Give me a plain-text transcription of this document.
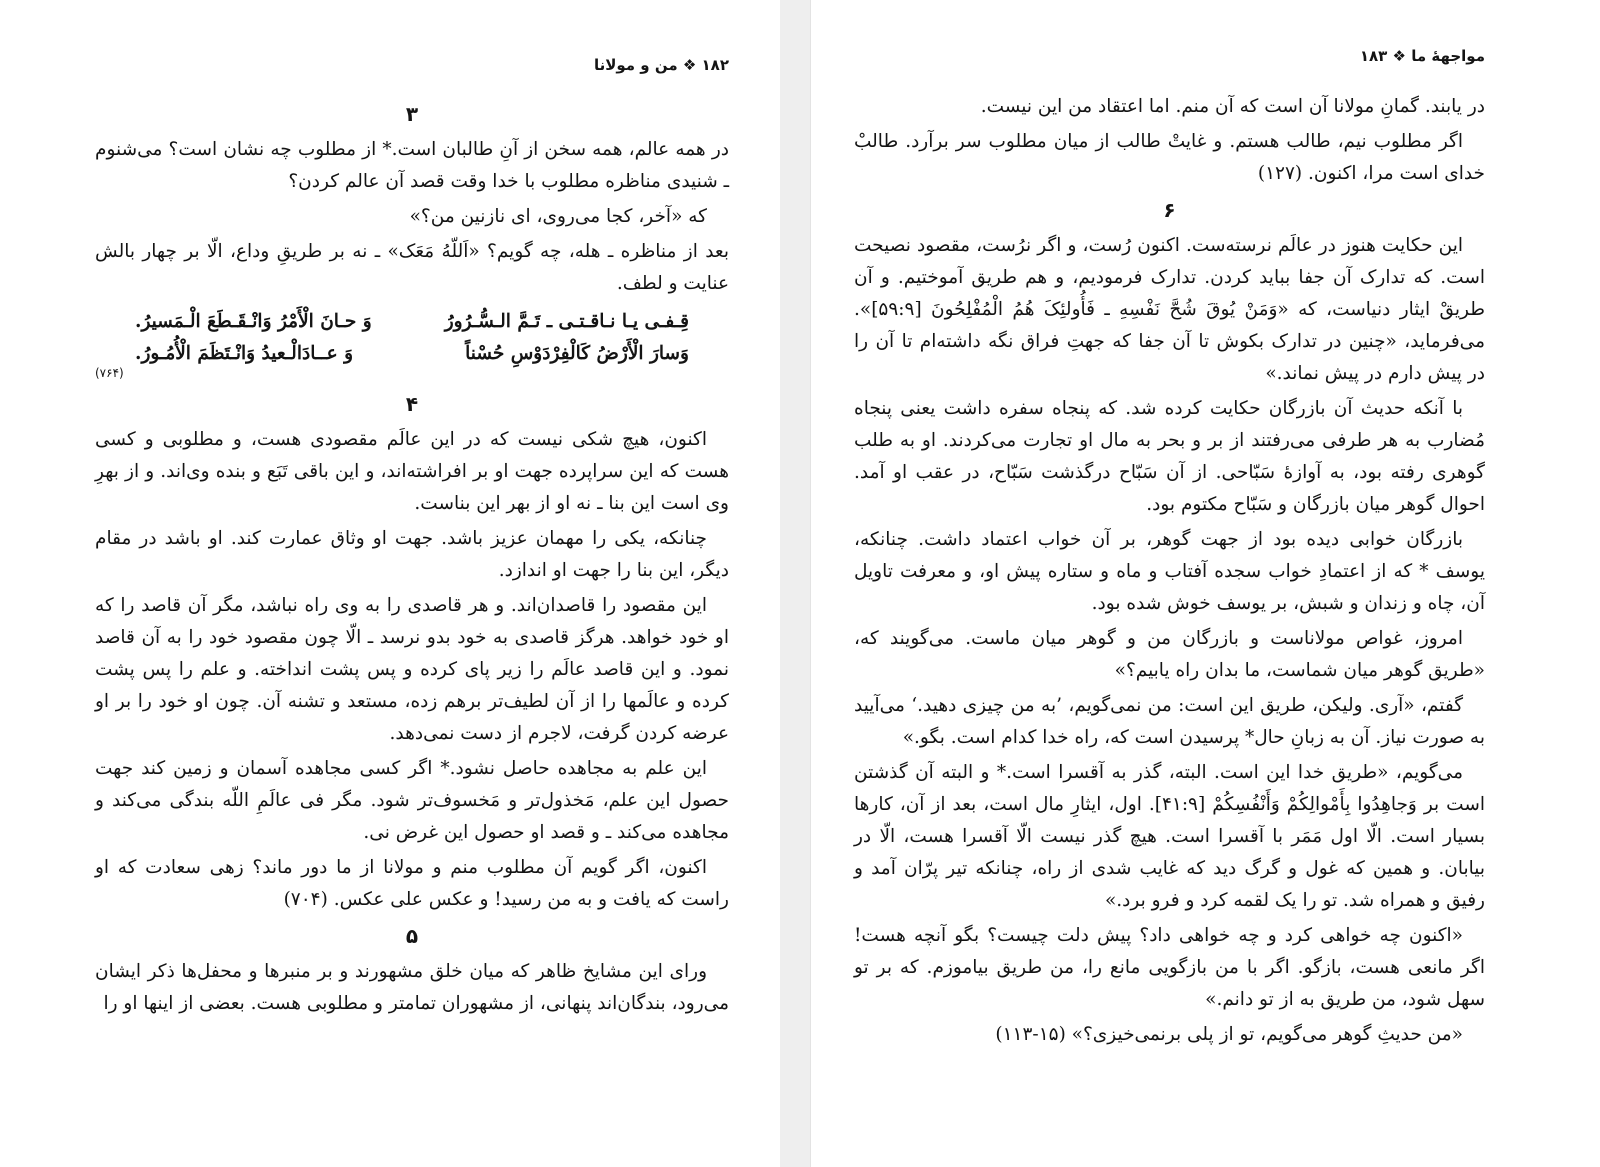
۱۸۲ ❖ من و مولانا
۳

در همه عالم، همه سخن از آنِ طالبان است.* از مطلوب چه نشان است؟ می‌شنوم ـ شنیدی مناظره مطلوب با خدا وقت قصد آن عالم کردن؟

که «آخر، کجا می‌روی، ای نازنین من؟»

بعد از مناظره ـ هله، چه گویم؟ «اَللّهُ مَعَک» ـ نه بر طریقِ وداع، الّا بر چهار بالش عنایت و لطف.

قِـفـی یـا نـاقـتـی ـ تَـمَّ الـسُّـرُورُ
وَ حـانَ الْأَمْرُ وَانْـقَـطَعَ الْـمَسیرُ.
وَسارَ الْأَرْضُ کَالْفِرْدَوْسِ حُسْناً
وَ عــادَالْـعیدُ وَانْـتَظَمَ الْأُمُـورُ.
(۷۶۴)
۴

اکنون، هیچ شکی نیست که در این عالَم مقصودی هست، و مطلوبی و کسی هست که این سراپرده جهت او بر افراشته‌اند، و این باقی تَبَع و بنده وی‌اند. و از بهرِ وی است این بنا ـ نه او از بهر این بناست.

چنانکه، یکی را مهمان عزیز باشد. جهت او وثاق عمارت کند. او باشد در مقام دیگر، این بنا را جهت او اندازد.

این مقصود را قاصدان‌اند. و هر قاصدی را به وی راه نباشد، مگر آن قاصد را که او خود خواهد. هرگز قاصدی به خود بدو نرسد ـ الّا چون مقصود خود را به آن قاصد نمود. و این قاصد عالَم را زیر پای کرده و پس پشت انداخته. و علم را پس پشت کرده و عالَمها را از آن لطیف‌تر برهم زده، مستعد و تشنه آن. چون او خود را بر او عرضه کردن گرفت، لاجرم از دست نمی‌دهد.

این علم به مجاهده حاصل نشود.* اگر کسی مجاهده آسمان و زمین کند جهت حصول این علم، مَخذول‌تر و مَخسوف‌تر شود. مگر فی عالَمِ اللّه بندگی می‌کند و مجاهده می‌کند ـ و قصد او حصول این غرض نی.

اکنون، اگر گویم آن مطلوب منم و مولانا از ما دور ماند؟ زهی سعادت که او راست که یافت و به من رسید! و عکس علی عکس. (۷۰۴)

۵

ورای این مشایخ ظاهر که میان خلق مشهورند و بر منبرها و محفل‌ها ذکر ایشان می‌رود، بندگان‌اند پنهانی، از مشهوران تمامتر و مطلوبی هست. بعضی از اینها او را

مواجههٔ ما ❖ ۱۸۳

در یابند. گمانِ مولانا آن است که آن منم. اما اعتقاد من این نیست.

اگر مطلوب نیم، طالب هستم. و غایتْ طالب از میان مطلوب سر برآرد. طالبْ خدای است مرا، اکنون. (۱۲۷)

۶

این حکایت هنوز در عالَم نرسته‌ست. اکنون رُست، و اگر نرُست، مقصود نصیحت است. که تدارک آن جفا بباید کردن. تدارک فرمودیم، و هم طریق آموختیم. و آن طریقْ ایثار دنیاست، که «وَمَنْ یُوقَ شُحَّ نَفْسِهِ ـ فَأُولئِکَ هُمُ الْمُفْلِحُونَ [۵۹:۹]». می‌فرماید، «چنین در تدارک بکوش تا آن جفا که جهتِ فراق نگه داشته‌ام تا آن را در پیش دارم در پیش نماند.»

با آنکه حدیث آن بازرگان حکایت کرده شد. که پنجاه سفره داشت یعنی پنجاه مُضارب به هر طرفی می‌رفتند از بر و بحر به مال او تجارت می‌کردند. او به طلب گوهری رفته بود، به آوازهٔ سَبّاحی. از آن سَبّاح درگذشت سَبّاح، در عقب او آمد. احوال گوهر میان بازرگان و سَبّاح مکتوم بود.

بازرگان خوابی دیده بود از جهت گوهر، بر آن خواب اعتماد داشت. چنانکه، یوسف * که از اعتمادِ خواب سجده آفتاب و ماه و ستاره پیش او، و معرفت تاویل آن، چاه و زندان و شبش، بر یوسف خوش شده بود.

امروز، غواص مولاناست و بازرگان من و گوهر میان ماست. می‌گویند که، «طریق گوهر میان شماست، ما بدان راه یابیم؟»

گفتم، «آری. ولیکن، طریق این است: من نمی‌گویم، ’به من چیزی دهید.‘ می‌آیید به صورت نیاز. آن به زبانِ حال* پرسیدن است که، راه خدا کدام است. بگو.»

می‌گویم، «طریق خدا این است. البته، گذر به آقسرا است.* و البته آن گذشتن است بر وَجاهِدُوا بِأَمْوالِکُمْ وَأَنْفُسِکُمْ [۴۱:۹]. اول، ایثارِ مال است، بعد از آن، کارها بسیار است. الّا اول مَمَر با آقسرا است. هیچ گذر نیست الّا آقسرا هست، الّا در بیابان. و همین که غول و گرگ دید که غایب شدی از راه، چنانکه تیر پرّان آمد و رفیق و همراه شد. تو را یک لقمه کرد و فرو برد.»

«اکنون چه خواهی کرد و چه خواهی داد؟ پیش دلت چیست؟ بگو آنچه هست! اگر مانعی هست، بازگو. اگر با من بازگویی مانع را، من طریق بیاموزم. که بر تو سهل شود، من طریق به از تو دانم.»

«من حدیثِ گوهر می‌گویم، تو از پلی برنمی‌خیزی؟» (۱۵-۱۱۳)
